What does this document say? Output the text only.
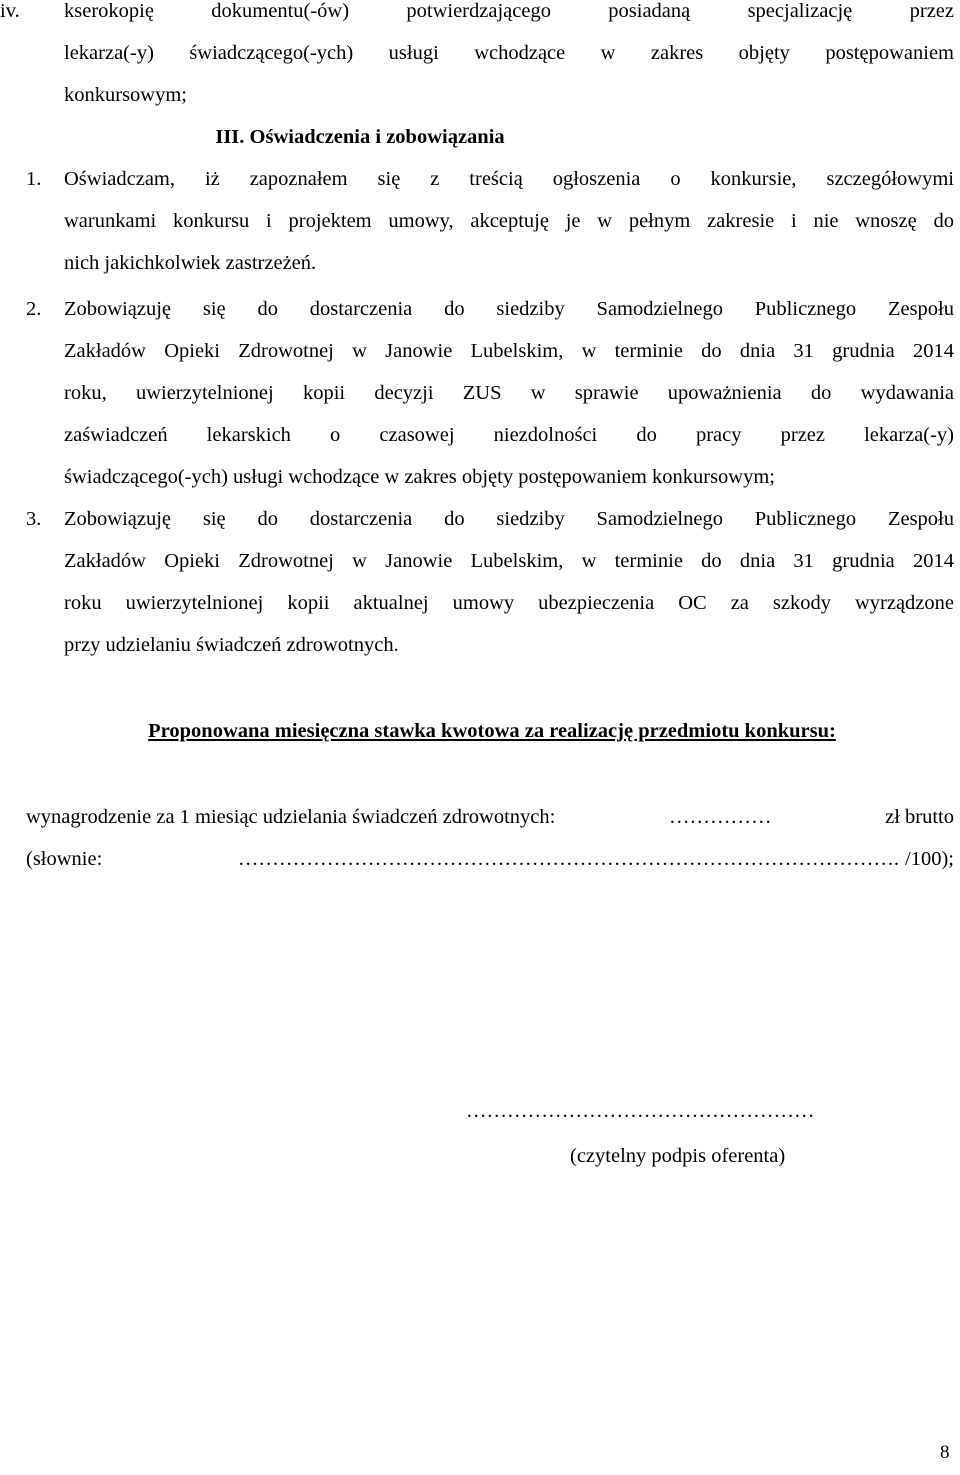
iv. kserokopię dokumentu(-ów) potwierdzającego posiadaną specjalizację przez
lekarza(-y) świadczącego(-ych) usługi wchodzące w zakres objęty postępowaniem
konkursowym;
III. Oświadczenia i zobowiązania
1. Oświadczam, iż zapoznałem się z treścią ogłoszenia o konkursie, szczegółowymi
warunkami konkursu i projektem umowy, akceptuję je w pełnym zakresie i nie wnoszę do
nich jakichkolwiek zastrzeżeń.
2. Zobowiązuję się do dostarczenia do siedziby Samodzielnego Publicznego Zespołu
Zakładów Opieki Zdrowotnej w Janowie Lubelskim, w terminie do dnia 31 grudnia 2014
roku, uwierzytelnionej kopii decyzji ZUS w sprawie upoważnienia do wydawania
zaświadczeń lekarskich o czasowej niezdolności do pracy przez lekarza(-y)
świadczącego(-ych) usługi wchodzące w zakres objęty postępowaniem konkursowym;
3. Zobowiązuję się do dostarczenia do siedziby Samodzielnego Publicznego Zespołu
Zakładów Opieki Zdrowotnej w Janowie Lubelskim, w terminie do dnia 31 grudnia 2014
roku uwierzytelnionej kopii aktualnej umowy ubezpieczenia OC za szkody wyrządzone
przy udzielaniu świadczeń zdrowotnych.
Proponowana miesięczna stawka kwotowa za realizację przedmiotu konkursu:
wynagrodzenie za 1 miesiąc udzielania świadczeń zdrowotnych:	……………	zł brutto
(słownie:	……………………………………………………………………………………. /100);
……………………………………………
(czytelny podpis oferenta)
8
